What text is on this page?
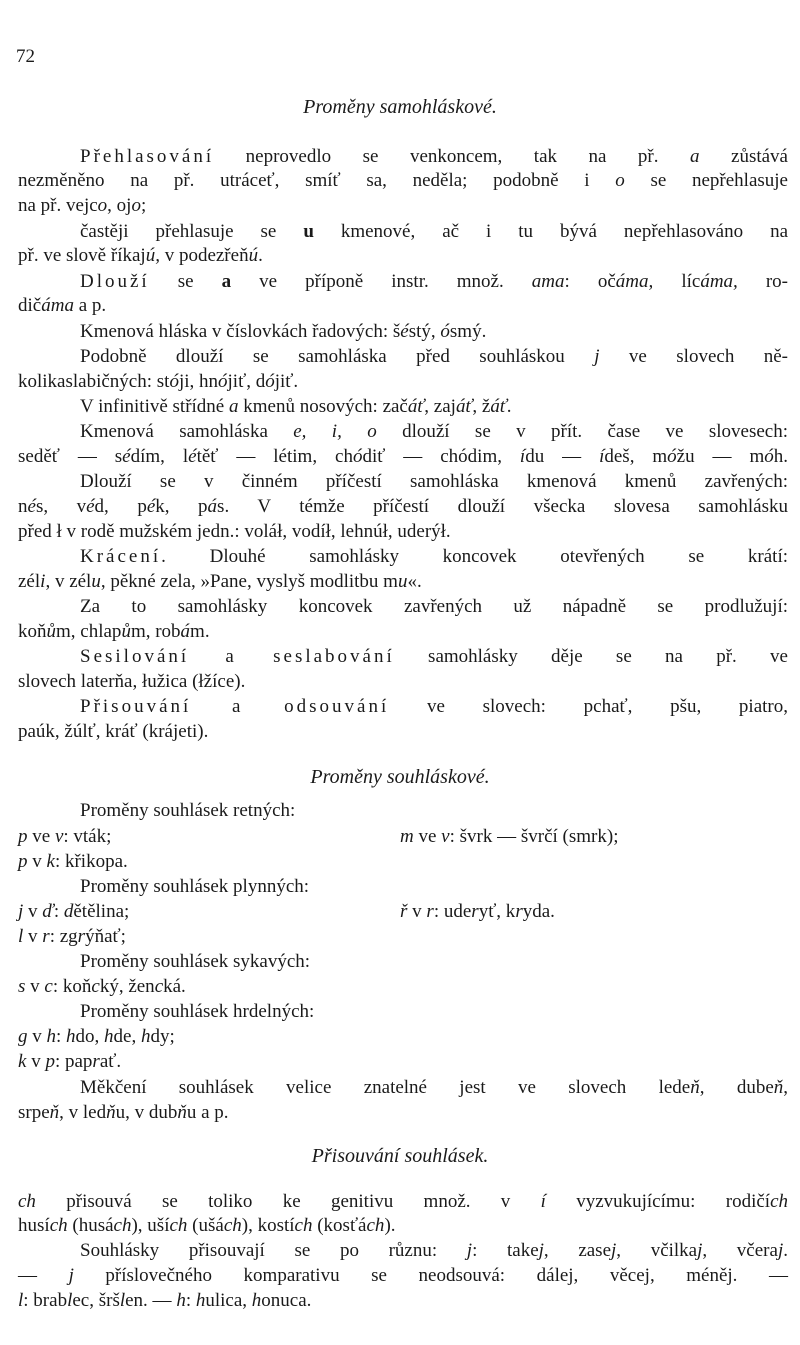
72
Proměny samohláskové.
Přehlasování neprovedlo se venkoncem, tak na př. a zůstává
nezměněno na př. utráceť, smíť sa, neděla; podobně i o se nepřehlasuje
na př. vejco, ojo;
častěji přehlasuje se u kmenové, ač i tu bývá nepřehlasováno na
př. ve slově říkajú, v podezřeňú.
Dlouží se a ve příponě instr. množ. ama: očáma, lícáma, ro-
dičáma a p.
Kmenová hláska v číslovkách řadových: šéstý, ósmý.
Podobně dlouží se samohláska před souhláskou j ve slovech ně-
kolikaslabičných: stóji, hnójiť, dójiť.
V infinitivě střídné a kmenů nosových: začáť, zajáť, žáť.
Kmenová samohláska e, i, o dlouží se v přít. čase ve slovesech:
seděť — sédím, létěť — létim, chódiť — chódim, ídu — ídeš, móžu — móh.
Dlouží se v činném příčestí samohláska kmenová kmenů zavřených:
nés, véd, pék, pás. V témže příčestí dlouží všecka slovesa samohlásku
před ł v rodě mužském jedn.: voláł, vodíł, lehnúł, uderýł.
Krácení. Dlouhé samohlásky koncovek otevřených se krátí:
zéli, v zélu, pěkné zela, »Pane, vyslyš modlitbu mu«.
Za to samohlásky koncovek zavřených už nápadně se prodlužují:
koňům, chlapům, robám.
Sesilování a seslabování samohlásky děje se na př. ve
slovech laterňa, łužica (łžíce).
Přisouvání a odsouvání ve slovech: pchať, pšu, piatro,
paúk, žúlť, kráť (krájeti).
Proměny souhláskové.
Proměny souhlásek retných:
p ve v: vták;	m ve v: švrk — švrčí (smrk);
p v k: křikopa.
Proměny souhlásek plynných:
j v ď: dětělina;	ř v r: uderyť, kryda.
l v r: zgrýňať;
Proměny souhlásek sykavých:
s v c: koňcký, žencká.
Proměny souhlásek hrdelných:
g v h: hdo, hde, hdy;
k v p: paprať.
Měkčení souhlásek velice znatelné jest ve slovech ledeň, dubeň,
srpeň, v ledňu, v dubňu a p.
Přisouvání souhlásek.
ch přisouvá se toliko ke genitivu množ. v í vyzvukujícímu: rodičích
husích (husách), uších (ušách), kostích (kosťách).
Souhlásky přisouvají se po různu: j: takej, zasej, včilkaj, včeraj.
— j příslovečného komparativu se neodsouvá: dálej, věcej, méněj. —
l: brablec, šršlen. — h: hulica, honuca.
